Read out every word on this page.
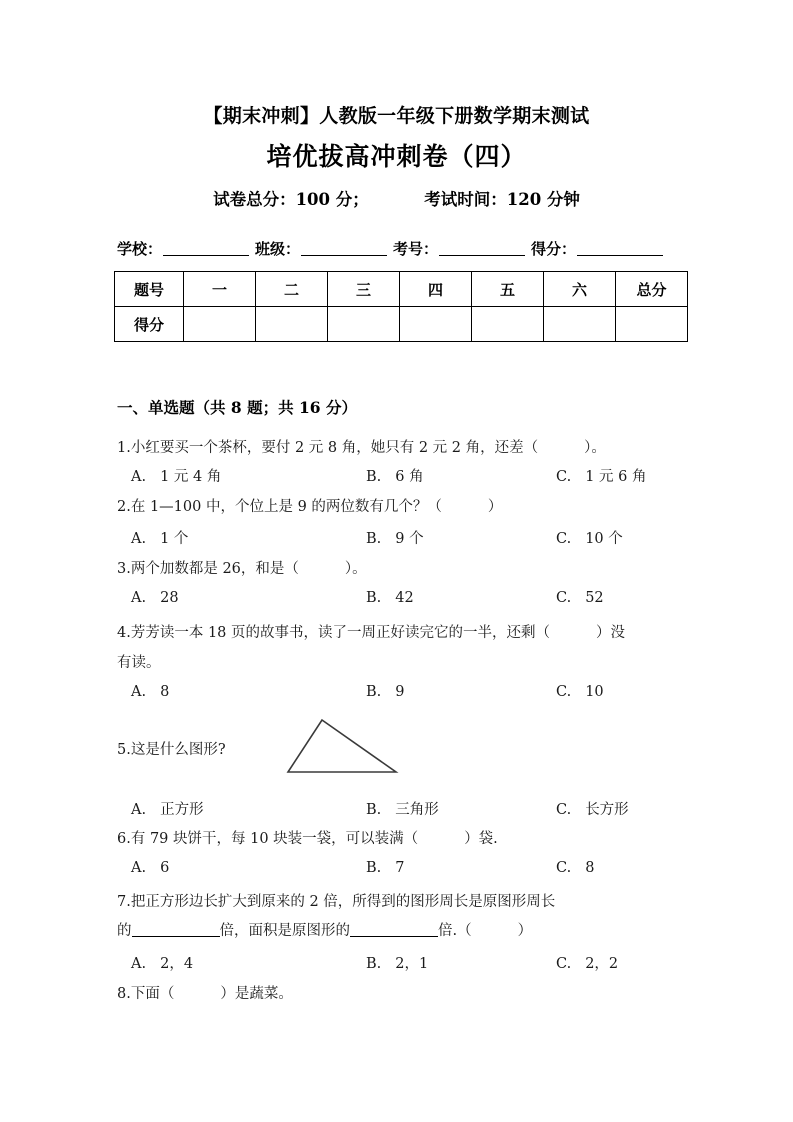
【期末冲刺】人教版一年级下册数学期末测试
培优拔高冲刺卷（四）
试卷总分：100 分；	考试时间：120 分钟
学校：	班级：	考号：	得分：
题号	一	二	三	四	五	六	总分
得分							
一、单选题（共 8 题；共 16 分）
1.小红要买一个茶杯，要付 2 元 8 角，她只有 2 元 2 角，还差（	）。
A. 1 元 4 角	B. 6 角	C. 1 元 6 角
2.在 1—100 中，个位上是 9 的两位数有几个？（	）
A. 1 个	B. 9 个	C. 10 个
3.两个加数都是 26，和是（	）。
A. 28	B. 42	C. 52
4.芳芳读一本 18 页的故事书，读了一周正好读完它的一半，还剩（	）没
有读。
A. 8	B. 9	C. 10
5.这是什么图形?
A. 正方形	B. 三角形	C. 长方形
6.有 79 块饼干，每 10 块装一袋，可以装满（	）袋.
A. 6	B. 7	C. 8
7.把正方形边长扩大到原来的 2 倍，所得到的图形周长是原图形周长
的	倍，面积是原图形的	倍.（	）
A. 2，4	B. 2，1	C. 2，2
8.下面（	）是蔬菜。
